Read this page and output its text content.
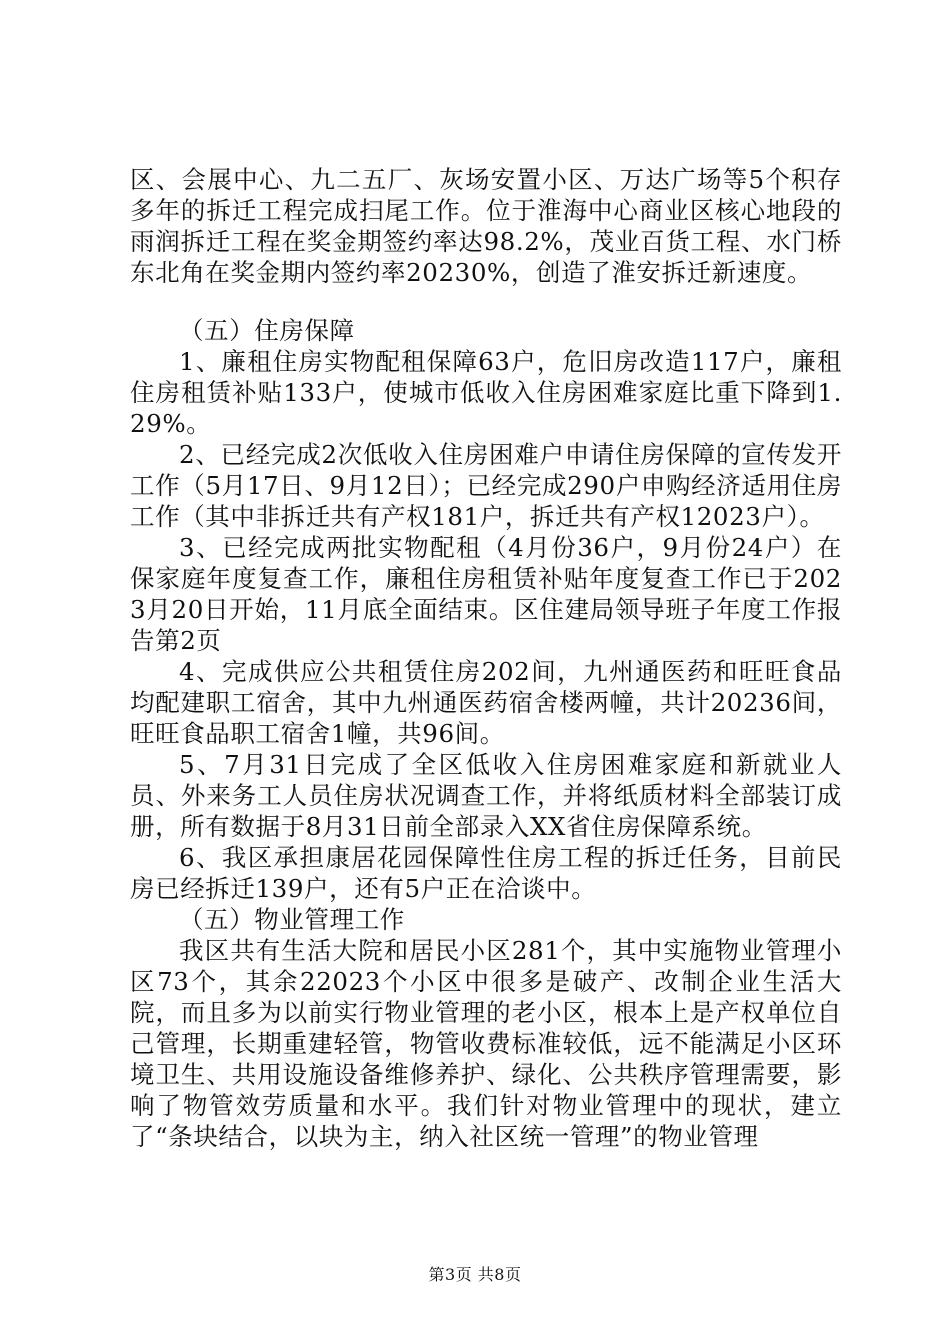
区、会展中心、九二五厂、灰场安置小区、万达广场等5个积存多年的拆迁工程完成扫尾工作。位于淮海中心商业区核心地段的雨润拆迁工程在奖金期签约率达98.2%，茂业百货工程、水门桥东北角在奖金期内签约率20230%，创造了淮安拆迁新速度。

（五）住房保障

1、廉租住房实物配租保障63户，危旧房改造117户，廉租住房租赁补贴133户，使城市低收入住房困难家庭比重下降到1.29%。

2、已经完成2次低收入住房困难户申请住房保障的宣传发开工作（5月17日、9月12日）；已经完成290户申购经济适用住房工作（其中非拆迁共有产权181户，拆迁共有产权12023户）。

3、已经完成两批实物配租（4月份36户，9月份24户）在保家庭年度复查工作，廉租住房租赁补贴年度复查工作已于2023月20日开始，11月底全面结束。区住建局领导班子年度工作报告第2页

4、完成供应公共租赁住房202间，九州通医药和旺旺食品均配建职工宿舍，其中九州通医药宿舍楼两幢，共计20236间，旺旺食品职工宿舍1幢，共96间。

5、7月31日完成了全区低收入住房困难家庭和新就业人员、外来务工人员住房状况调查工作，并将纸质材料全部装订成册，所有数据于8月31日前全部录入XX省住房保障系统。

6、我区承担康居花园保障性住房工程的拆迁任务，目前民房已经拆迁139户，还有5户正在洽谈中。

（五）物业管理工作

我区共有生活大院和居民小区281个，其中实施物业管理小区73个，其余22023个小区中很多是破产、改制企业生活大院，而且多为以前实行物业管理的老小区，根本上是产权单位自己管理，长期重建轻管，物管收费标准较低，远不能满足小区环境卫生、共用设施设备维修养护、绿化、公共秩序管理需要，影响了物管效劳质量和水平。我们针对物业管理中的现状，建立了“条块结合，以块为主，纳入社区统一管理”的物业管理

第3页 共8页
